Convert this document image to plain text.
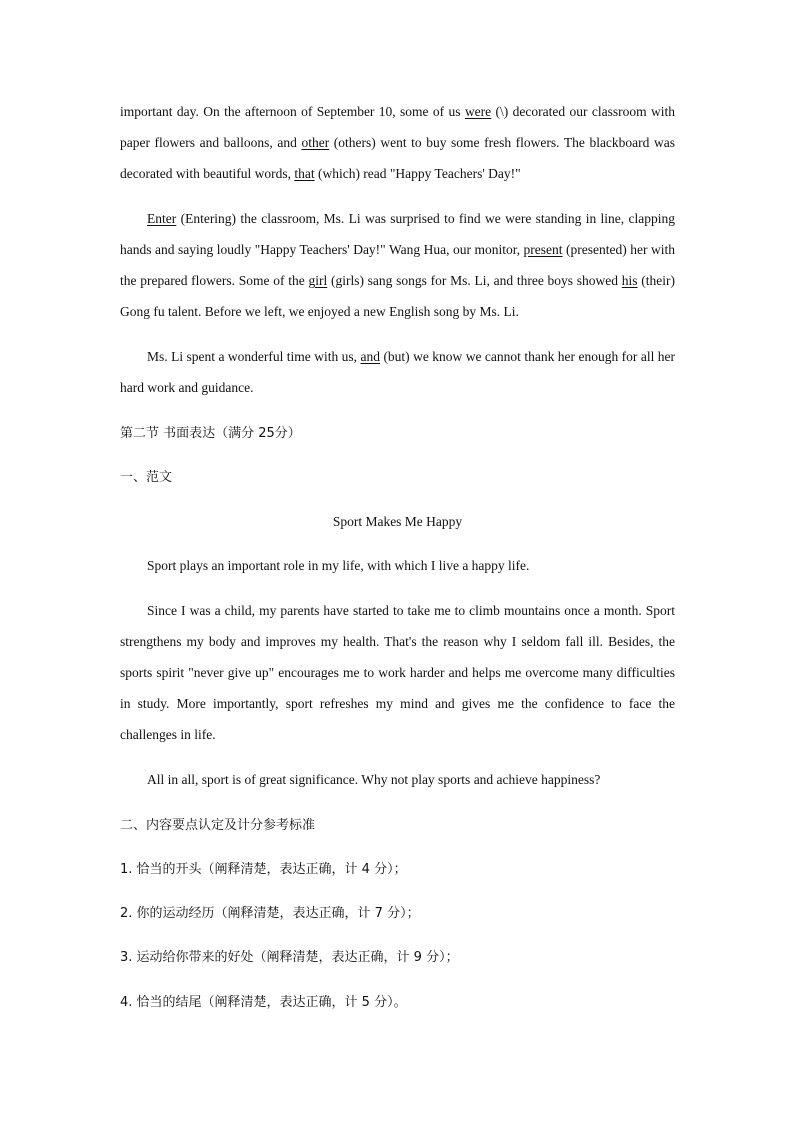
important day. On the afternoon of September 10, some of us were (\) decorated our classroom with paper flowers and balloons, and other (others) went to buy some fresh flowers. The blackboard was decorated with beautiful words, that (which) read "Happy Teachers' Day!"

Enter (Entering) the classroom, Ms. Li was surprised to find we were standing in line, clapping hands and saying loudly "Happy Teachers' Day!" Wang Hua, our monitor, present (presented) her with the prepared flowers. Some of the girl (girls) sang songs for Ms. Li, and three boys showed his (their) Gong fu talent. Before we left, we enjoyed a new English song by Ms. Li.

Ms. Li spent a wonderful time with us, and (but) we know we cannot thank her enough for all her hard work and guidance.

第二节 书面表达（满分 25分）
一、范文
Sport Makes Me Happy

Sport plays an important role in my life, with which I live a happy life.

Since I was a child, my parents have started to take me to climb mountains once a month. Sport strengthens my body and improves my health. That's the reason why I seldom fall ill. Besides, the sports spirit "never give up" encourages me to work harder and helps me overcome many difficulties in study. More importantly, sport refreshes my mind and gives me the confidence to face the challenges in life.

All in all, sport is of great significance. Why not play sports and achieve happiness?

二、内容要点认定及计分参考标准
1. 恰当的开头（阐释清楚，表达正确，计 4 分）；
2. 你的运动经历（阐释清楚，表达正确，计 7 分）；
3. 运动给你带来的好处（阐释清楚，表达正确，计 9 分）；
4. 恰当的结尾（阐释清楚，表达正确，计 5 分）。
